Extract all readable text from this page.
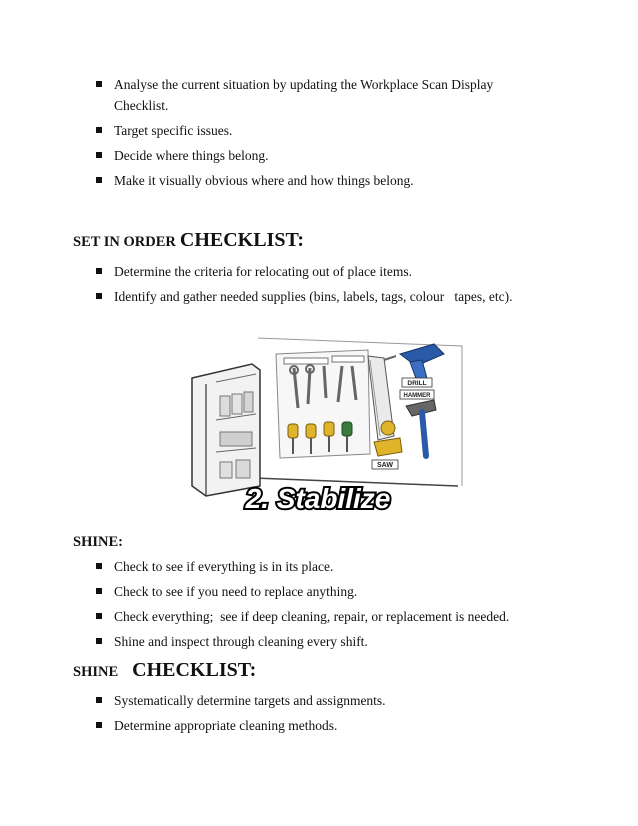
Analyse the current situation by updating the Workplace Scan Display
Checklist.
Target specific issues.
Decide where things belong.
Make it visually obvious where and how things belong.
SET IN ORDER CHECKLIST:
Determine the criteria for relocating out of place items.
Identify and gather needed supplies (bins, labels, tags, colour   tapes, etc).
SAW
DRILL
HAMMER
2. Stabilize
SHINE:
Check to see if everything is in its place.
Check to see if you need to replace anything.
Check everything;  see if deep cleaning, repair, or replacement is needed.
Shine and inspect through cleaning every shift.
SHINE CHECKLIST:
Systematically determine targets and assignments.
Determine appropriate cleaning methods.
